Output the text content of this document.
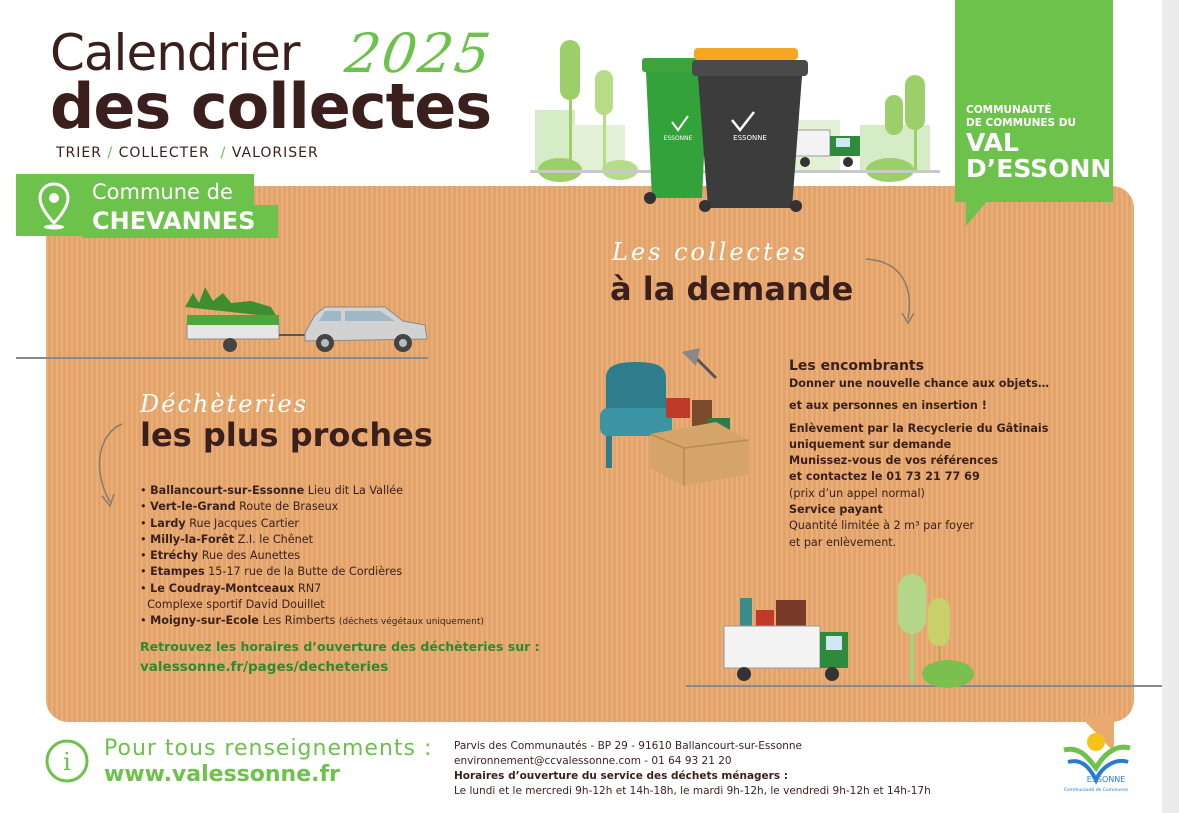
Calendrier 2025
des collectes
TRIER / COLLECTER / VALORISER
Commune de
CHEVANNES
COMMUNAUTÉ
DE COMMUNES DU
VAL
D’ESSONNE
ESSONNE
ESSONNE
Les collectes
à la demande
Les encombrants
Donner une nouvelle chance aux objets…
et aux personnes en insertion !
Enlèvement par la Recyclerie du Gâtinais
uniquement sur demande
Munissez-vous de vos références
et contactez le 01 73 21 77 69
(prix d’un appel normal)
Service payant
Quantité limitée à 2 m³ par foyer
et par enlèvement.
Déchèteries
les plus proches
• Ballancourt-sur-Essonne Lieu dit La Vallée
• Vert-le-Grand Route de Braseux
• Lardy Rue Jacques Cartier
• Milly-la-Forêt Z.I. le Chênet
• Etréchy Rue des Aunettes
• Etampes 15-17 rue de la Butte de Cordières
• Le Coudray-Montceaux RN7
Complexe sportif David Douillet
• Moigny-sur-Ecole Les Rimberts (déchets végétaux uniquement)
Retrouvez les horaires d’ouverture des déchèteries sur :
valessonne.fr/pages/decheteries
i Pour tous renseignements :
www.valessonne.fr
Parvis des Communautés - BP 29 - 91610 Ballancourt-sur-Essonne
environnement@ccvalessonne.com - 01 64 93 21 20
Horaires d’ouverture du service des déchets ménagers :
Le lundi et le mercredi 9h-12h et 14h-18h, le mardi 9h-12h, le vendredi 9h-12h et 14h-17h
ESSONNE
Communauté de Communes
